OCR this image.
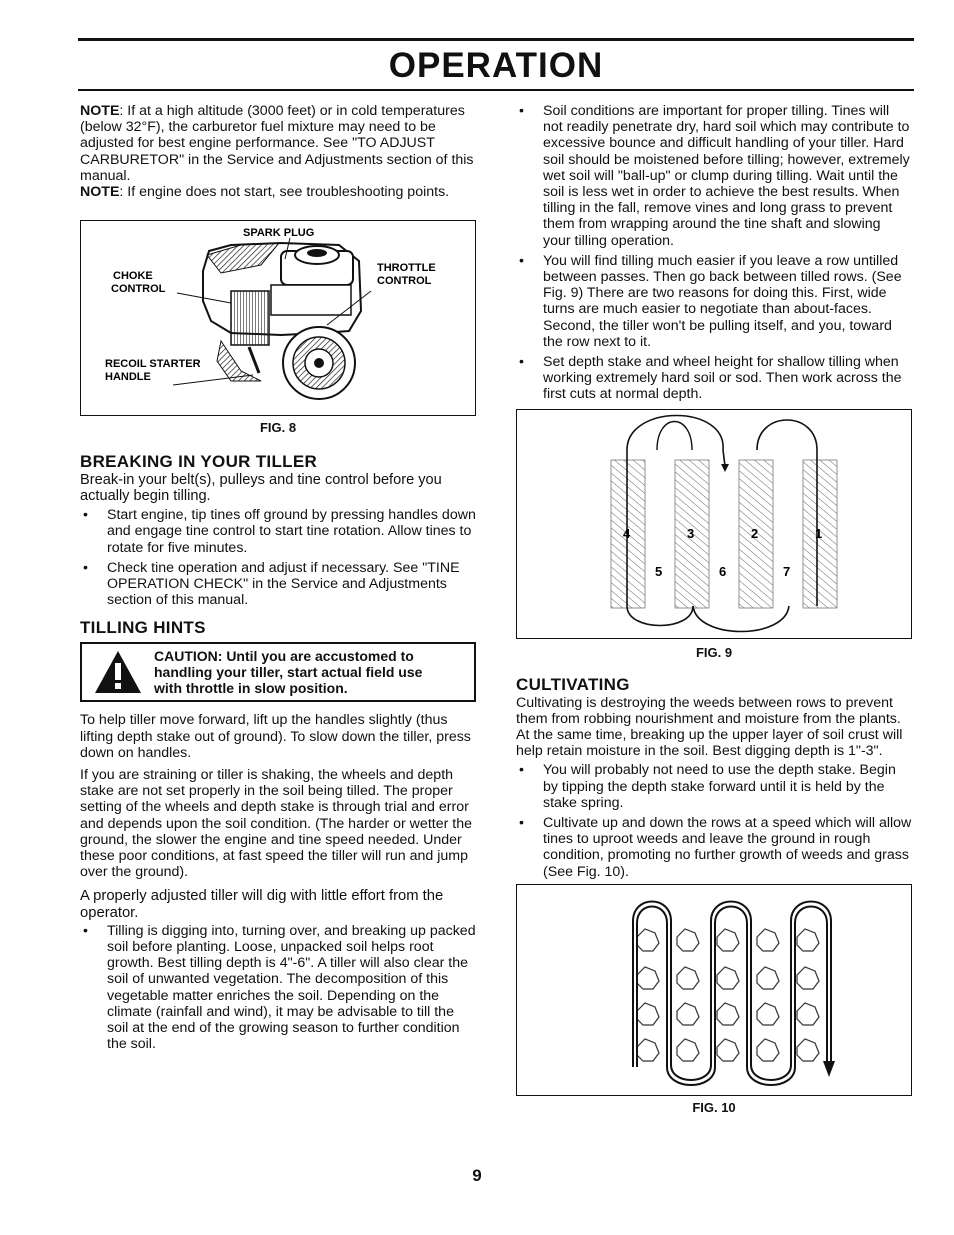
OPERATION

NOTE: If at a high altitude (3000 feet) or in cold temperatures (below 32°F), the carburetor fuel mixture may need to be adjusted for best engine performance. See "TO ADJUST CARBURETOR" in the Service and Adjustments section of this manual.

NOTE: If engine does not start, see troubleshooting points.

SPARK PLUG
CHOKE
CONTROL
THROTTLE
CONTROL
RECOIL STARTER
HANDLE
FIG. 8
BREAKING IN YOUR TILLER

Break-in your belt(s), pulleys and tine control before you actually begin tilling.

• Start engine, tip tines off ground by pressing handles down and engage tine control to start tine rotation. Allow tines to rotate for five minutes.
• Check tine operation and adjust if necessary. See "TINE OPERATION CHECK" in the Service and Adjustments section of this manual.
TILLING HINTS
CAUTION: Until you are accustomed to handling your tiller, start actual field use with throttle in slow position.

To help tiller move forward, lift up the handles slightly (thus lifting depth stake out of ground). To slow down the tiller, press down on handles.

If you are straining or tiller is shaking, the wheels and depth stake are not set properly in the soil being tilled. The proper setting of the wheels and depth stake is through trial and error and depends upon the soil condition. (The harder or wetter the ground, the slower the engine and tine speed needed. Under these poor conditions, at fast speed the tiller will run and jump over the ground).

A properly adjusted tiller will dig with little effort from the operator.

• Tilling is digging into, turning over, and breaking up packed soil before planting. Loose, unpacked soil helps root growth. Best tilling depth is 4"-6". A tiller will also clear the soil of unwanted vegetation. The decomposition of this vegetable matter enriches the soil. Depending on the climate (rainfall and wind), it may be advisable to till the soil at the end of the growing season to further condition the soil.
• Soil conditions are important for proper tilling. Tines will not readily penetrate dry, hard soil which may contribute to excessive bounce and difficult handling of your tiller. Hard soil should be moistened before tilling; however, extremely wet soil will "ball-up" or clump during tilling. Wait until the soil is less wet in order to achieve the best results. When tilling in the fall, remove vines and long grass to prevent them from wrapping around the tine shaft and slowing your tilling operation.
• You will find tilling much easier if you leave a row untilled between passes. Then go back between tilled rows. (See Fig. 9) There are two reasons for doing this. First, wide turns are much easier to negotiate than about-faces. Second, the tiller won't be pulling itself, and you, toward the row next to it.
• Set depth stake and wheel height for shallow tilling when working extremely hard soil or sod. Then work across the first cuts at normal depth.
4	3	2	1
5	6	7
FIG. 9
CULTIVATING

Cultivating is destroying the weeds between rows to prevent them from robbing nourishment and moisture from the plants. At the same time, breaking up the upper layer of soil crust will help retain moisture in the soil. Best digging depth is 1"-3".

• You will probably not need to use the depth stake. Begin by tipping the depth stake forward until it is held by the stake spring.
• Cultivate up and down the rows at a speed which will allow tines to uproot weeds and leave the ground in rough condition, promoting no further growth of weeds and grass (See Fig. 10).
FIG. 10
9
